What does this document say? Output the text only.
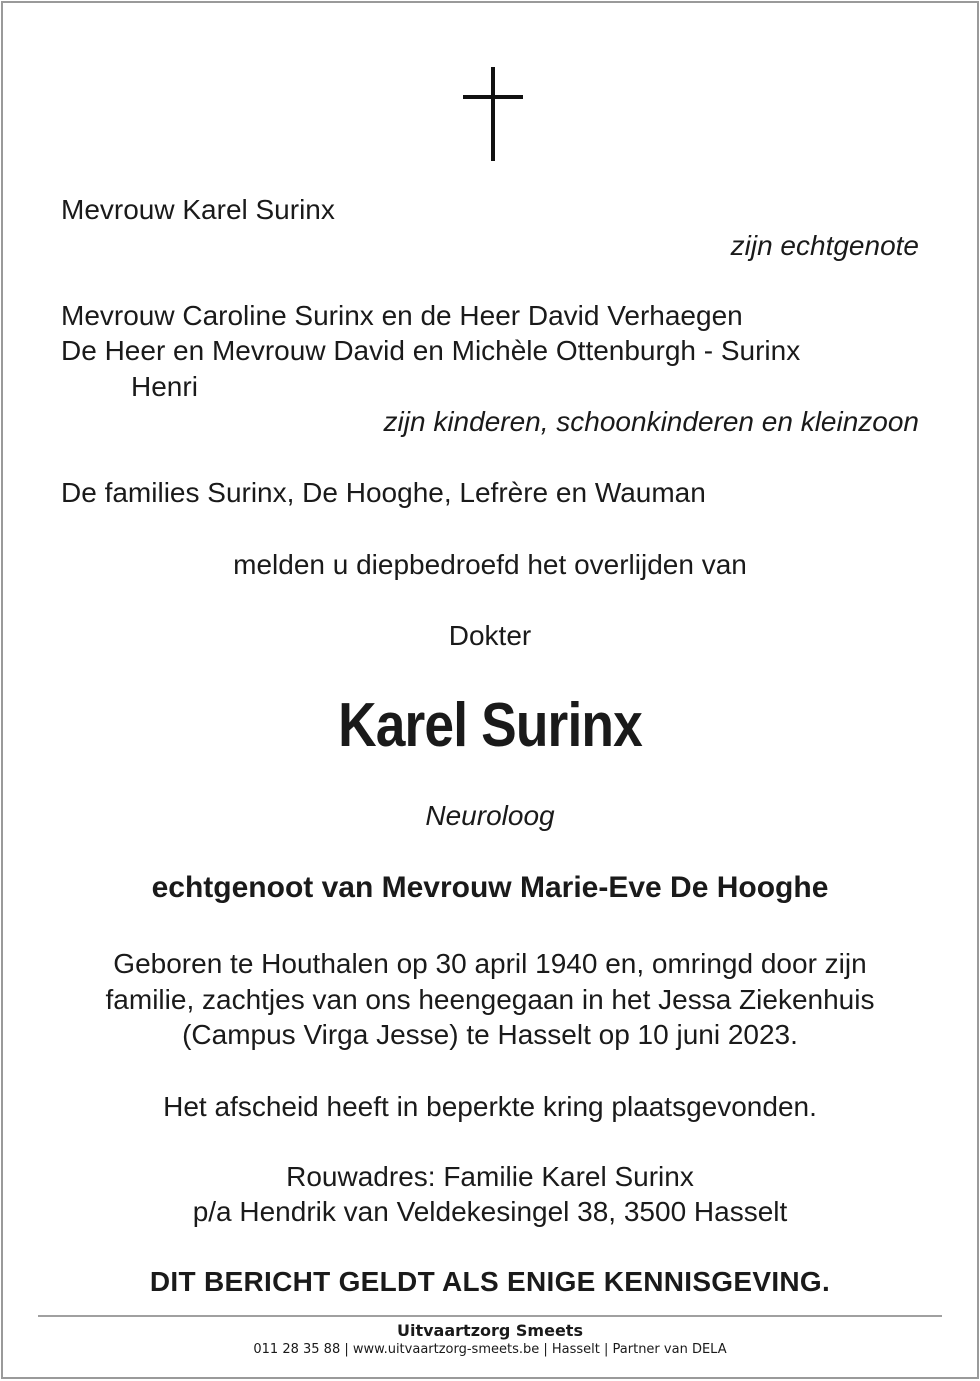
Mevrouw Karel Surinx
zijn echtgenote
Mevrouw Caroline Surinx en de Heer David Verhaegen
De Heer en Mevrouw David en Michèle Ottenburgh - Surinx
Henri
zijn kinderen, schoonkinderen en kleinzoon
De families Surinx, De Hooghe, Lefrère en Wauman
melden u diepbedroefd het overlijden van
Dokter
Karel Surinx
Neuroloog
echtgenoot van Mevrouw Marie-Eve De Hooghe
Geboren te Houthalen op 30 april 1940 en, omringd door zijn
familie, zachtjes van ons heengegaan in het Jessa Ziekenhuis
(Campus Virga Jesse) te Hasselt op 10 juni 2023.
Het afscheid heeft in beperkte kring plaatsgevonden.
Rouwadres: Familie Karel Surinx
p/a Hendrik van Veldekesingel 38, 3500 Hasselt
DIT BERICHT GELDT ALS ENIGE KENNISGEVING.
Uitvaartzorg Smeets
011 28 35 88 | www.uitvaartzorg-smeets.be | Hasselt | Partner van DELA
